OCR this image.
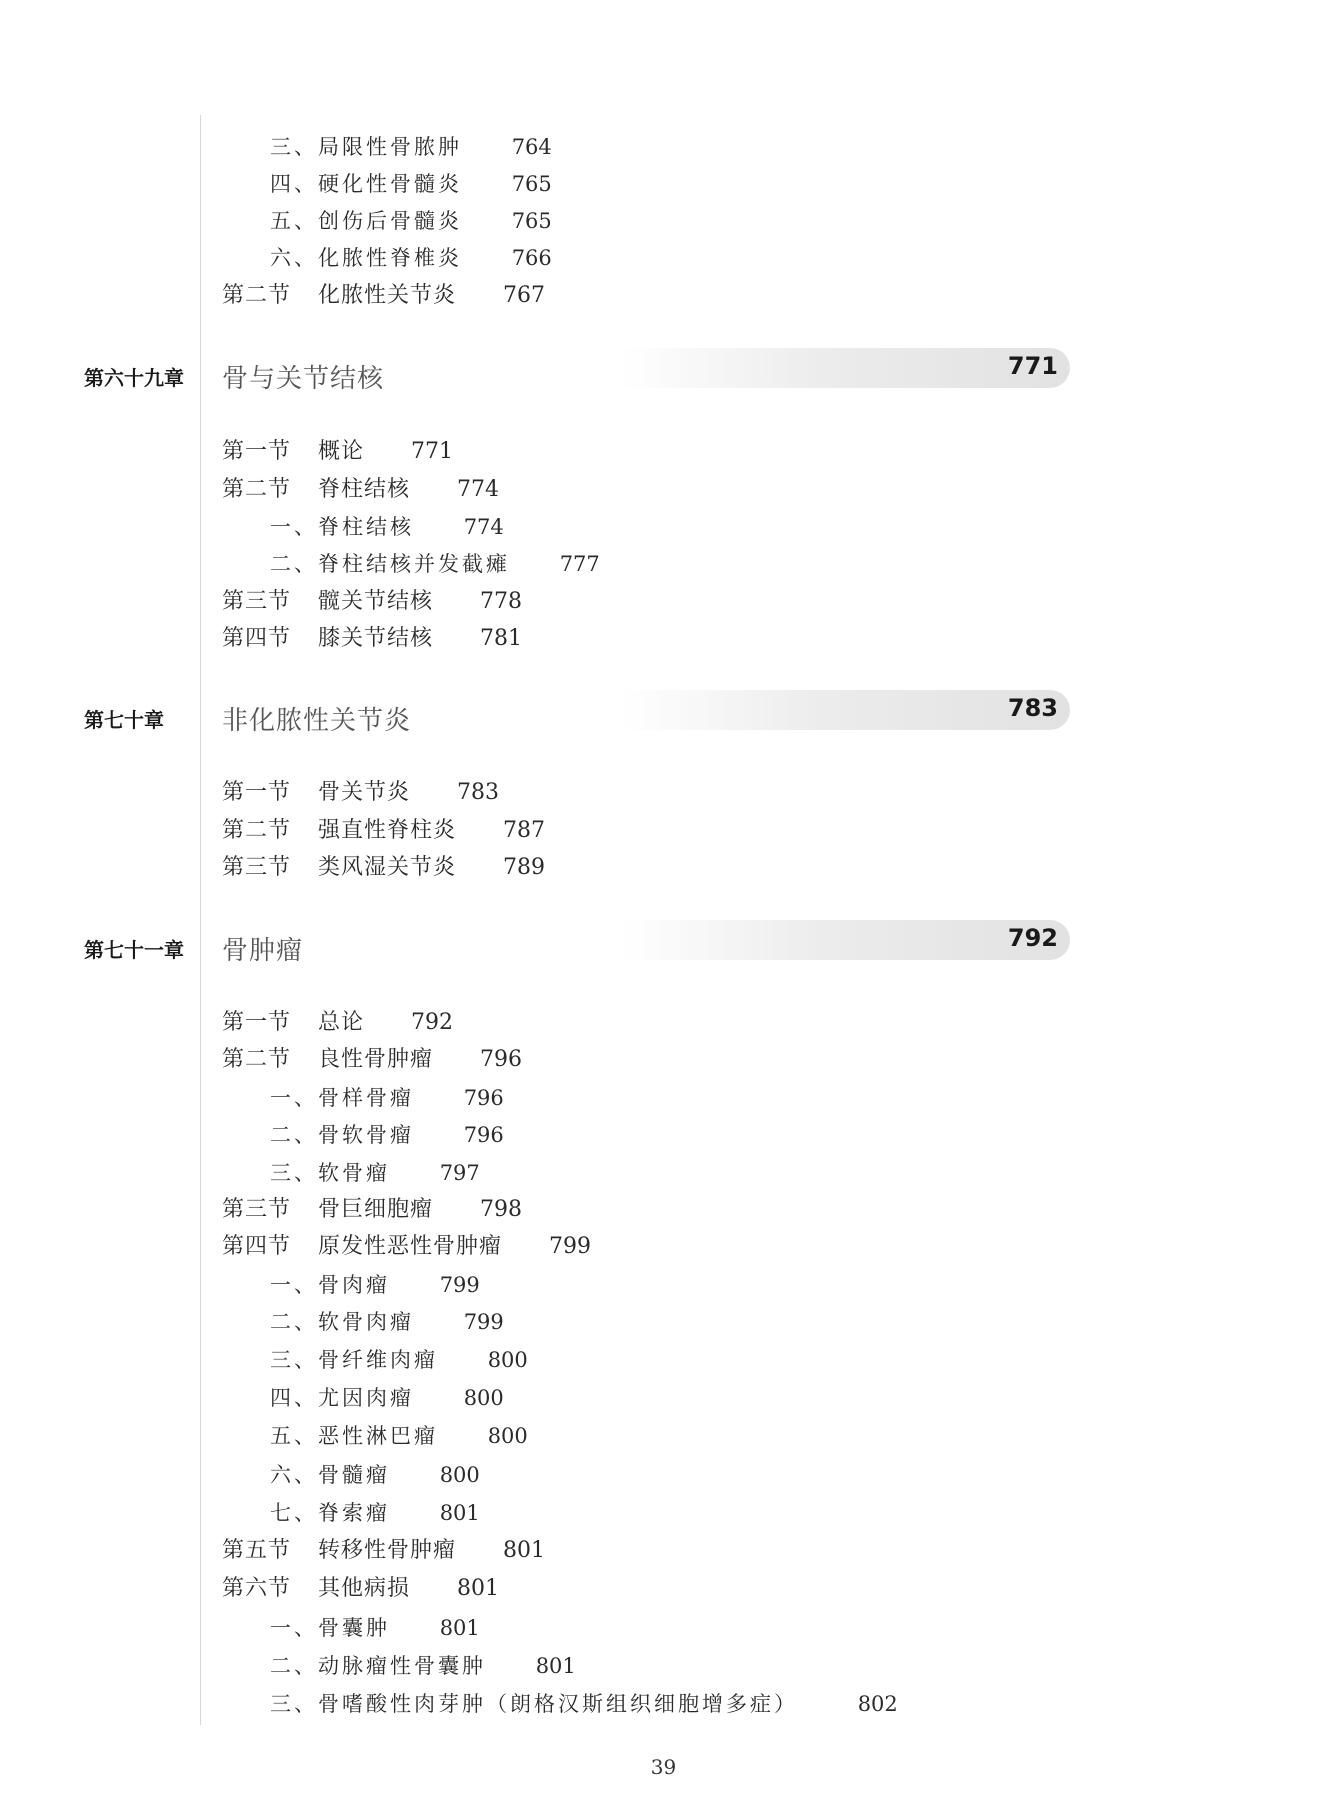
三、局限性骨脓肿 764
四、硬化性骨髓炎 765
五、创伤后骨髓炎 765
六、化脓性脊椎炎 766
第二节 化脓性关节炎 767
第六十九章 骨与关节结核	771
第一节 概论 771
第二节 脊柱结核 774
一、脊柱结核 774
二、脊柱结核并发截瘫 777
第三节 髋关节结核 778
第四节 膝关节结核 781
第七十章 非化脓性关节炎	783
第一节 骨关节炎 783
第二节 强直性脊柱炎 787
第三节 类风湿关节炎 789
第七十一章 骨肿瘤	792
第一节 总论 792
第二节 良性骨肿瘤 796
一、骨样骨瘤 796
二、骨软骨瘤 796
三、软骨瘤 797
第三节 骨巨细胞瘤 798
第四节 原发性恶性骨肿瘤 799
一、骨肉瘤 799
二、软骨肉瘤 799
三、骨纤维肉瘤 800
四、尤因肉瘤 800
五、恶性淋巴瘤 800
六、骨髓瘤 800
七、脊索瘤 801
第五节 转移性骨肿瘤 801
第六节 其他病损 801
一、骨囊肿 801
二、动脉瘤性骨囊肿 801
三、骨嗜酸性肉芽肿（朗格汉斯组织细胞增多症）	802
39
